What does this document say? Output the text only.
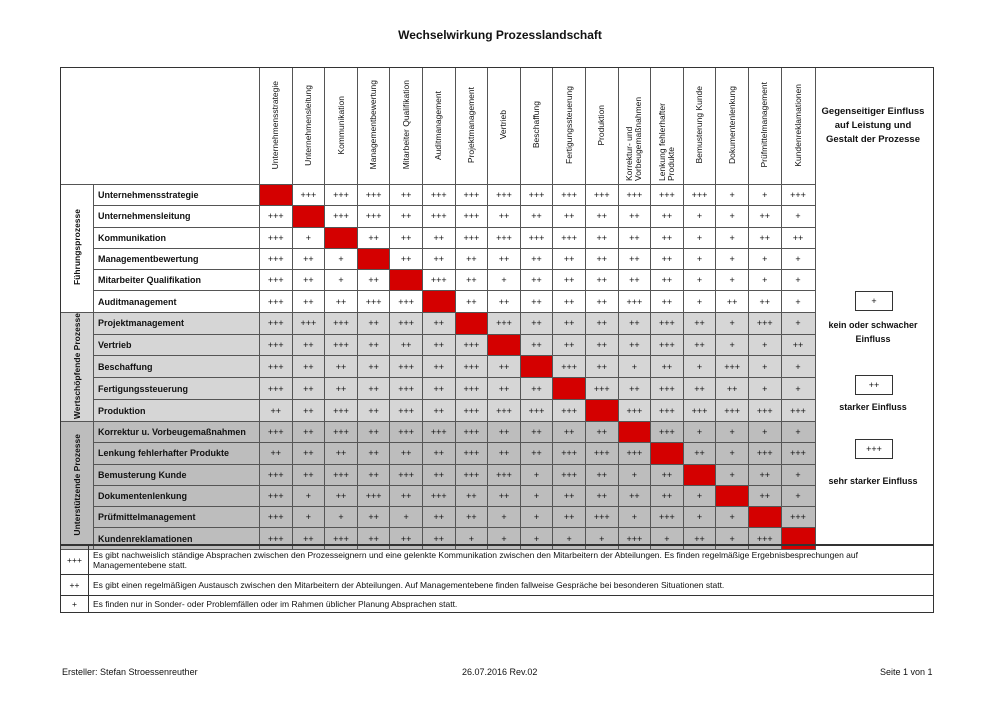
Wechselwirkung Prozesslandschaft
		Unternehmensstrategie	Unternehmensleitung	Kommunikation	Managementbewertung	Mitarbeiter Qualifikation	Auditmanagement	Projektmanagement	Vertrieb	Beschaffung	Fertigungssteuerung	Produktion	Korrektur- und Vorbeugemaßnahmen	Lenkung fehlerhafter Produkte	Bemusterung Kunde	Dokumentenlenkung	Prüfmittelmanagement	Kundenreklamationen
Führungsprozesse	Unternehmensstrategie		+++	+++	+++	++	+++	+++	+++	+++	+++	+++	+++	+++	+++	+	+	+++
	Unternehmensleitung	+++		+++	+++	++	+++	+++	++	++	++	++	++	++	+	+	++	+
	Kommunikation	+++	+		++	++	++	+++	+++	+++	+++	++	++	++	+	+	++	++
	Managementbewertung	+++	++	+		++	++	++	++	++	++	++	++	++	+	+	+	+
	Mitarbeiter Qualifikation	+++	++	+	++		+++	++	+	++	++	++	++	++	+	+	+	+
	Auditmanagement	+++	++	++	+++	+++		++	++	++	++	++	+++	++	+	++	++	+
Wertschöpfende Prozesse	Projektmanagement	+++	+++	+++	++	+++	++		+++	++	++	++	++	+++	++	+	+++	+
	Vertrieb	+++	++	+++	++	++	++	+++		++	++	++	++	+++	++	+	+	++
	Beschaffung	+++	++	++	++	+++	++	+++	++		+++	++	+	++	+	+++	+	+
	Fertigungssteuerung	+++	++	++	++	+++	++	+++	++	++		+++	++	+++	++	++	+	+
	Produktion	++	++	+++	++	+++	++	+++	+++	+++	+++		+++	+++	+++	+++	+++	+++
Unterstützende Prozesse	Korrektur u. Vorbeugemaßnahmen	+++	++	+++	++	+++	+++	+++	++	++	++	++		+++	+	+	+	+
	Lenkung fehlerhafter Produkte	++	++	++	++	++	++	+++	++	++	+++	+++	+++		++	+	+++	+++
	Bemusterung Kunde	+++	++	+++	++	+++	++	+++	+++	+	+++	++	+	++		+	++	+
	Dokumentenlenkung	+++	+	++	+++	++	+++	++	++	+	++	++	++	++	+		++	+
	Prüfmittelmanagement	+++	+	+	++	+	++	++	+	+	++	+++	+	+++	+	+		+++
	Kundenreklamationen	+++	++	+++	++	++	++	+	+	+	+	+	+++	+	++	+	+++	
Gegenseitiger Einfluss
auf Leistung und
Gestalt der Prozesse
+
kein oder schwacher
Einfluss
++
starker Einfluss
+++
sehr starker Einfluss
+++	Es gibt nachweislich ständige Absprachen zwischen den Prozesseignern und eine gelenkte Kommunikation zwischen den Mitarbeitern der Abteilungen. Es finden regelmäßige Ergebnisbesprechungen auf Managementebene statt.
++	Es gibt einen regelmäßigen Austausch zwischen den Mitarbeitern der Abteilungen. Auf Managementebene finden fallweise Gespräche bei besonderen Situationen statt.
+	Es finden nur in Sonder- oder Problemfällen oder im Rahmen üblicher Planung Absprachen statt.
Ersteller: Stefan Stroessenreuther	26.07.2016 Rev.02	Seite 1 von 1
